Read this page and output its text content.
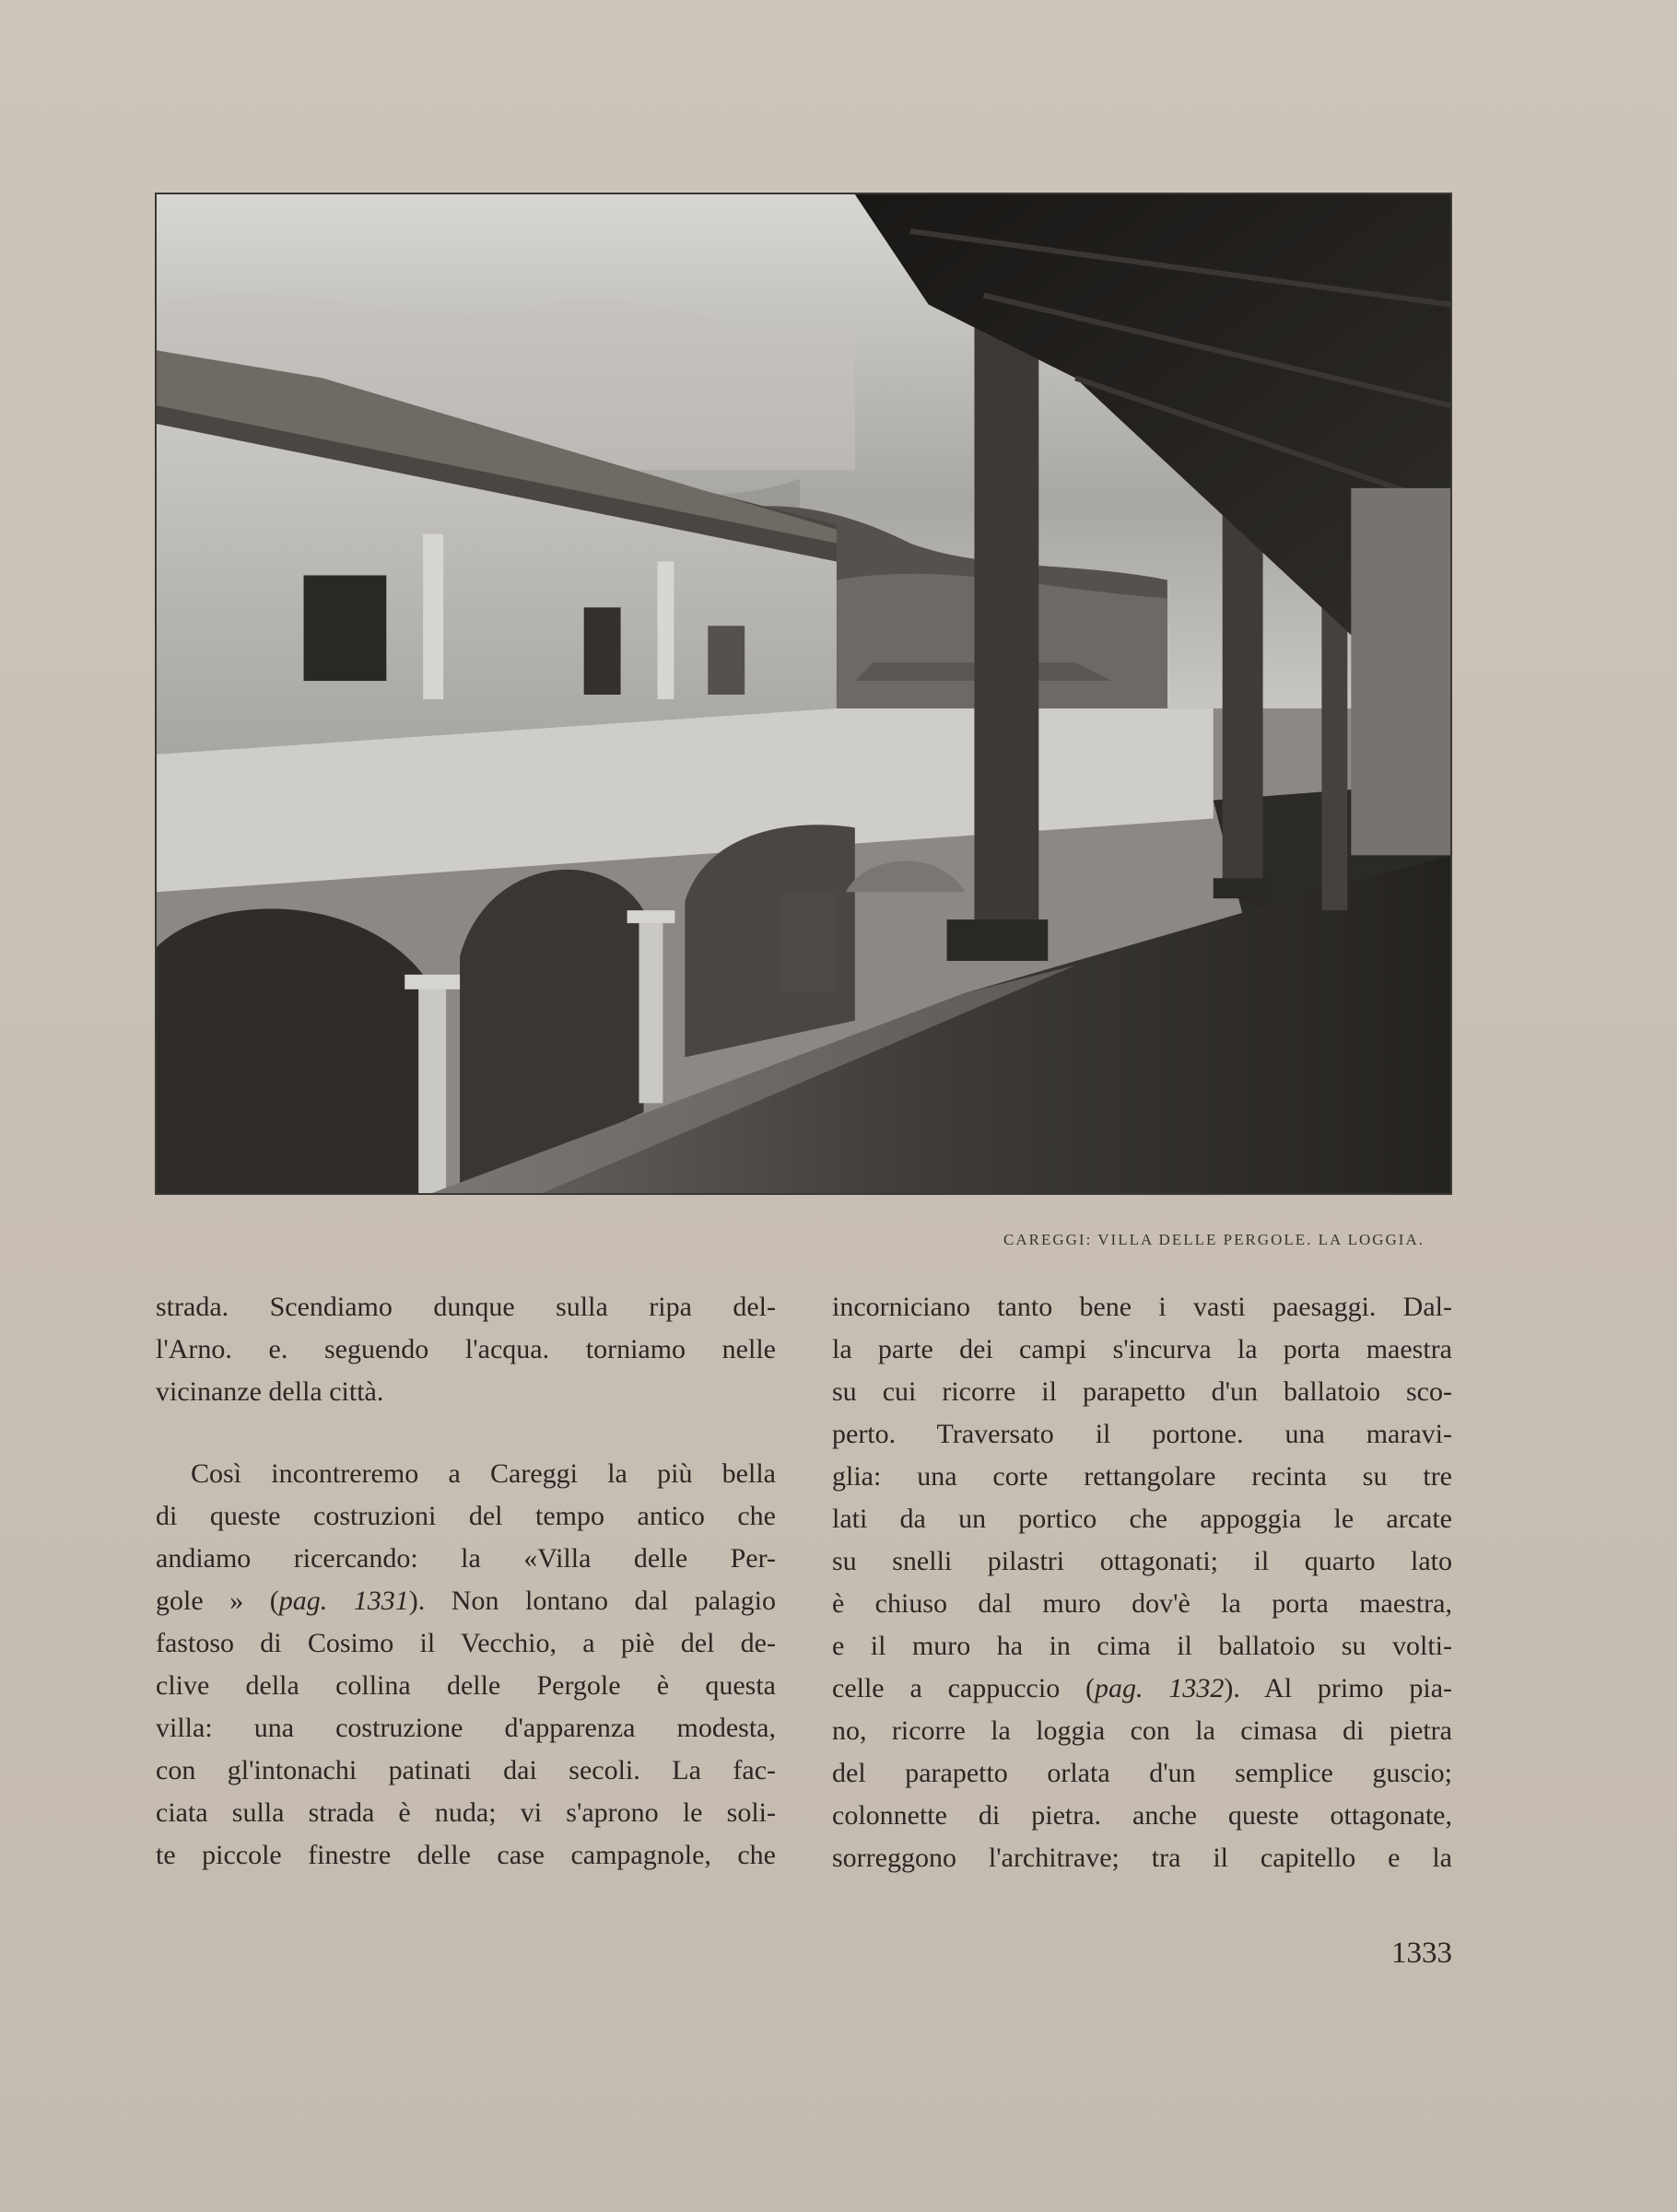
CAREGGI: VILLA DELLE PERGOLE. LA LOGGIA.
strada. Scendiamo dunque sulla ripa del-
l'Arno. e. seguendo l'acqua. torniamo nelle
vicinanze della città.
Così incontreremo a Careggi la più bella
di queste costruzioni del tempo antico che
andiamo ricercando: la «Villa delle Per-
gole » (pag. 1331). Non lontano dal palagio
fastoso di Cosimo il Vecchio, a piè del de-
clive della collina delle Pergole è questa
villa: una costruzione d'apparenza modesta,
con gl'intonachi patinati dai secoli. La fac-
ciata sulla strada è nuda; vi s'aprono le soli-
te piccole finestre delle case campagnole, che
incorniciano tanto bene i vasti paesaggi. Dal-
la parte dei campi s'incurva la porta maestra
su cui ricorre il parapetto d'un ballatoio sco-
perto. Traversato il portone. una maravi-
glia: una corte rettangolare recinta su tre
lati da un portico che appoggia le arcate
su snelli pilastri ottagonati; il quarto lato
è chiuso dal muro dov'è la porta maestra,
e il muro ha in cima il ballatoio su volti-
celle a cappuccio (pag. 1332). Al primo pia-
no, ricorre la loggia con la cimasa di pietra
del parapetto orlata d'un semplice guscio;
colonnette di pietra. anche queste ottagonate,
sorreggono l'architrave; tra il capitello e la
1333
